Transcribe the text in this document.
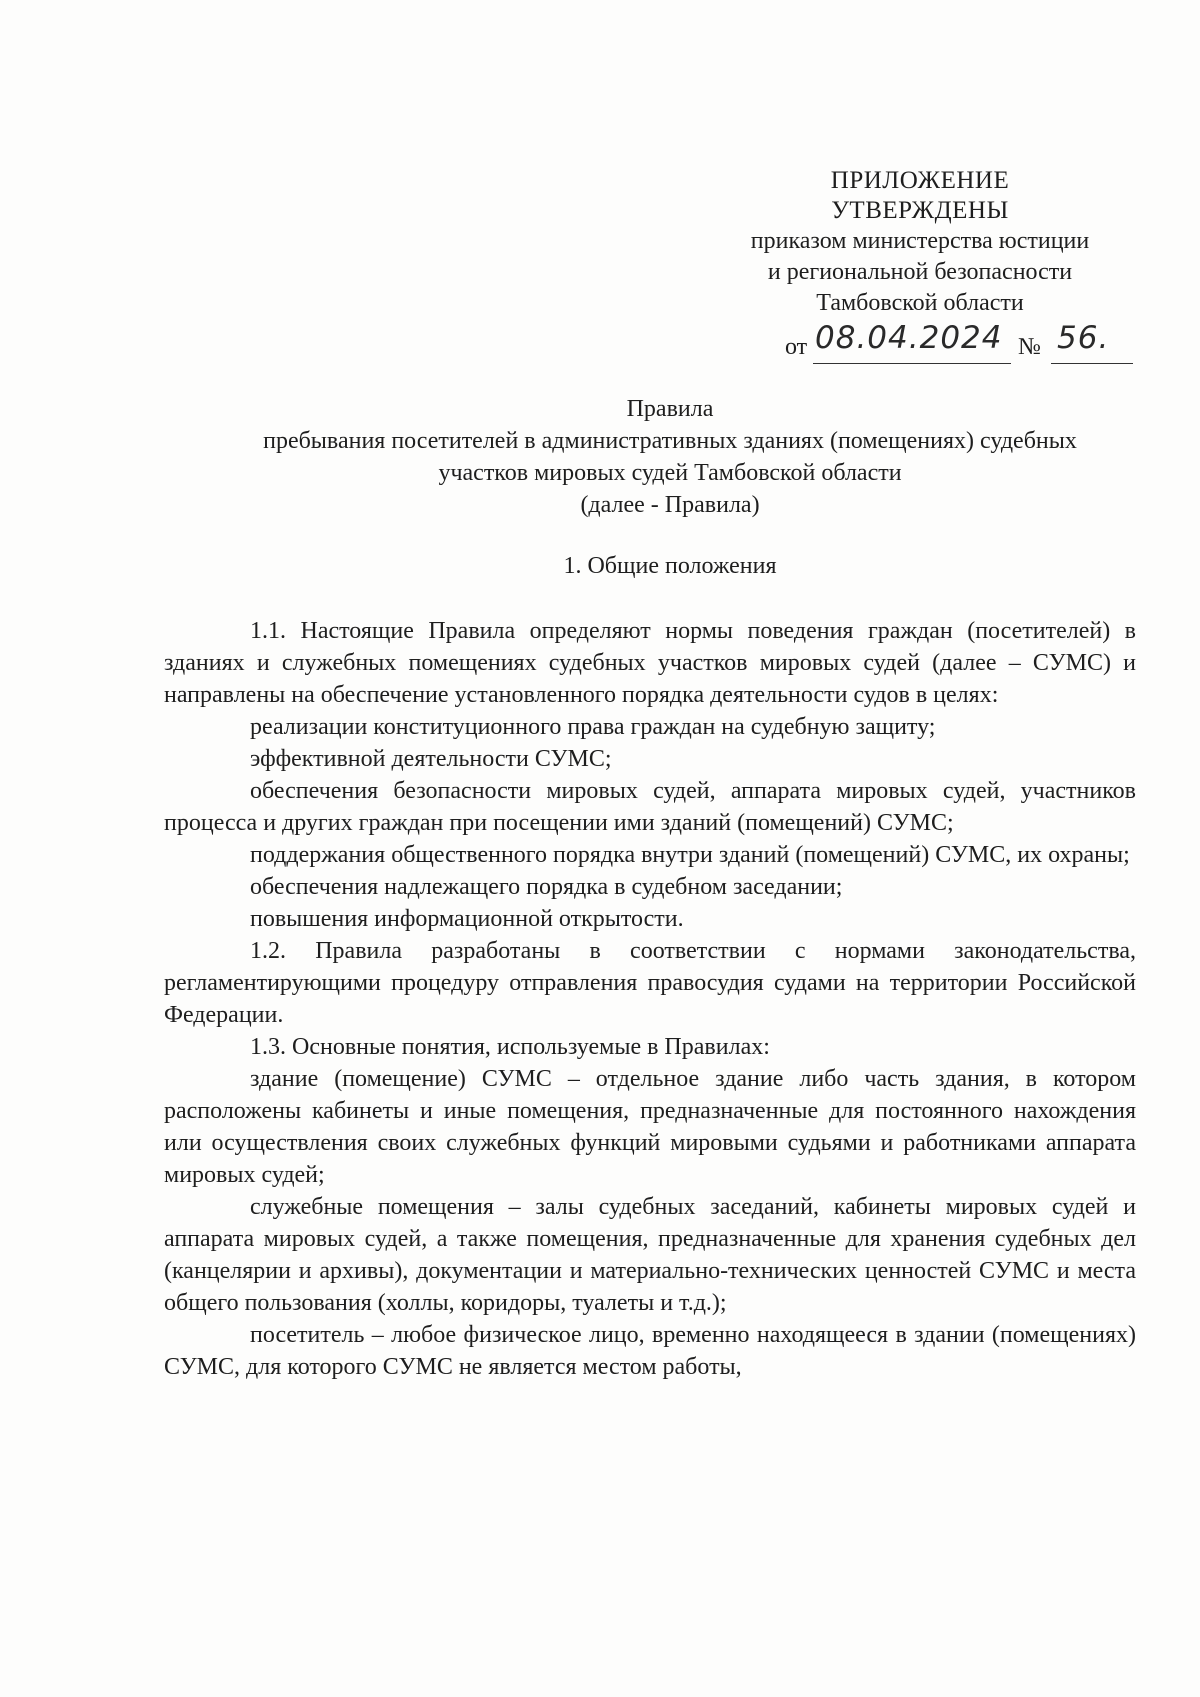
ПРИЛОЖЕНИЕ
УТВЕРЖДЕНЫ
приказом министерства юстиции
и региональной безопасности
Тамбовской области
от 08.04.2024 № 56.
Правила
пребывания посетителей в административных зданиях (помещениях) судебных
участков мировых судей Тамбовской области
(далее - Правила)
1. Общие положения

1.1. Настоящие Правила определяют нормы поведения граждан (посетителей) в зданиях и служебных помещениях судебных участков мировых судей (далее – СУМС) и направлены на обеспечение установленного порядка деятельности судов в целях:

реализации конституционного права граждан на судебную защиту;

эффективной деятельности СУМС;

обеспечения безопасности мировых судей, аппарата мировых судей, участников процесса и других граждан при посещении ими зданий (помещений) СУМС;

поддержания общественного порядка внутри зданий (помещений) СУМС, их охраны;

обеспечения надлежащего порядка в судебном заседании;

повышения информационной открытости.

1.2. Правила разработаны в соответствии с нормами законодательства, регламентирующими процедуру отправления правосудия судами на территории Российской Федерации.

1.3. Основные понятия, используемые в Правилах:

здание (помещение) СУМС – отдельное здание либо часть здания, в котором расположены кабинеты и иные помещения, предназначенные для постоянного нахождения или осуществления своих служебных функций мировыми судьями и работниками аппарата мировых судей;

служебные помещения – залы судебных заседаний, кабинеты мировых судей и аппарата мировых судей, а также помещения, предназначенные для хранения судебных дел (канцелярии и архивы), документации и материально-технических ценностей СУМС и места общего пользования (холлы, коридоры, туалеты и т.д.);

посетитель – любое физическое лицо, временно находящееся в здании (помещениях) СУМС, для которого СУМС не является местом работы,
